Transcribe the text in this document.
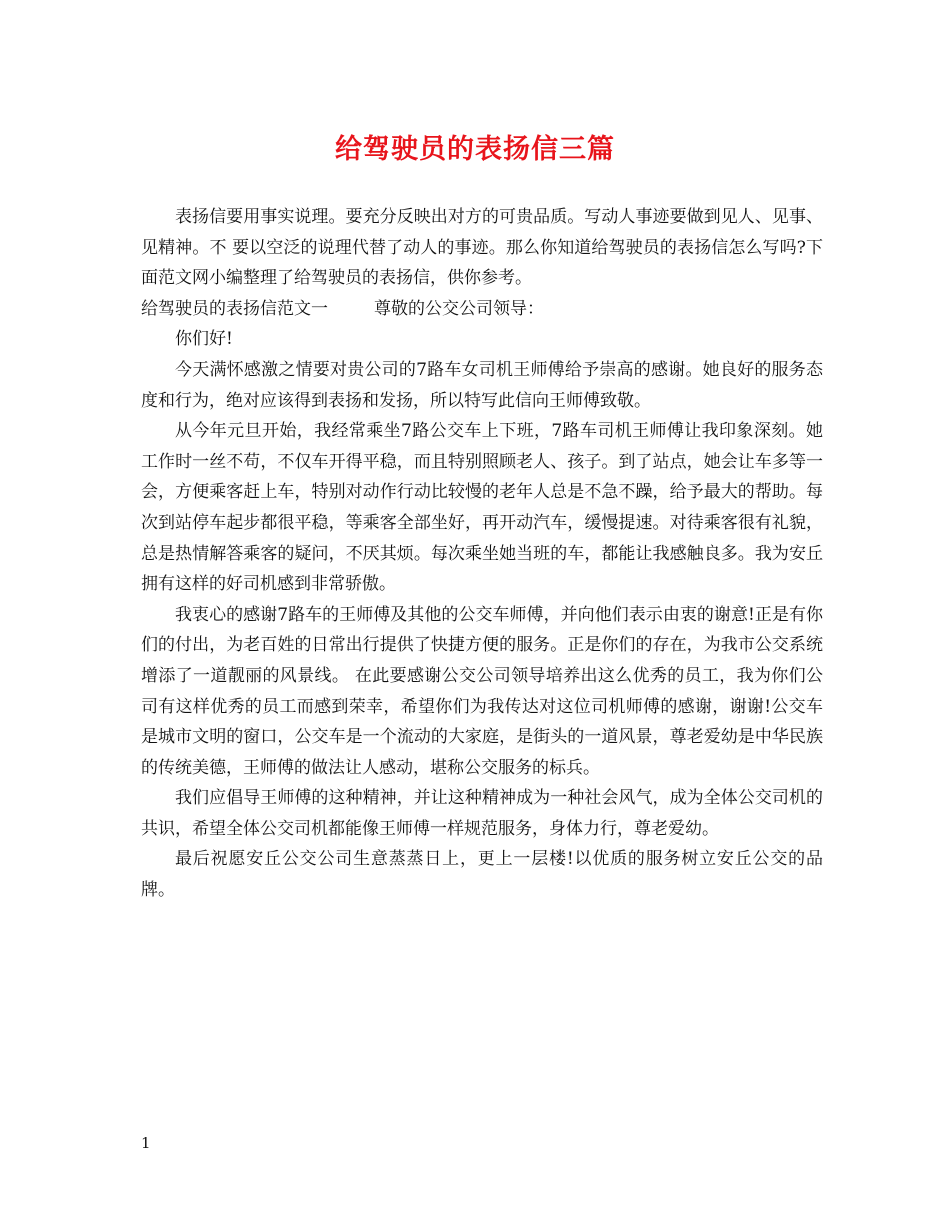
给驾驶员的表扬信三篇

表扬信要用事实说理。要充分反映出对方的可贵品质。写动人事迹要做到见人、见事、见精神。不 要以空泛的说理代替了动人的事迹。那么你知道给驾驶员的表扬信怎么写吗?下面范文网小编整理了给驾驶员的表扬信，供你参考。

给驾驶员的表扬信范文一	尊敬的公交公司领导：

你们好!

今天满怀感激之情要对贵公司的7路车女司机王师傅给予崇高的感谢。她良好的服务态度和行为，绝对应该得到表扬和发扬，所以特写此信向王师傅致敬。

从今年元旦开始，我经常乘坐7路公交车上下班，7路车司机王师傅让我印象深刻。她工作时一丝不苟，不仅车开得平稳，而且特别照顾老人、孩子。到了站点，她会让车多等一会，方便乘客赶上车，特别对动作行动比较慢的老年人总是不急不躁，给予最大的帮助。每次到站停车起步都很平稳，等乘客全部坐好，再开动汽车，缓慢提速。对待乘客很有礼貌，总是热情解答乘客的疑问，不厌其烦。每次乘坐她当班的车，都能让我感触良多。我为安丘拥有这样的好司机感到非常骄傲。

我衷心的感谢7路车的王师傅及其他的公交车师傅，并向他们表示由衷的谢意!正是有你们的付出，为老百姓的日常出行提供了快捷方便的服务。正是你们的存在，为我市公交系统增添了一道靓丽的风景线。 在此要感谢公交公司领导培养出这么优秀的员工，我为你们公司有这样优秀的员工而感到荣幸，希望你们为我传达对这位司机师傅的感谢，谢谢!公交车是城市文明的窗口，公交车是一个流动的大家庭，是街头的一道风景，尊老爱幼是中华民族的传统美德，王师傅的做法让人感动，堪称公交服务的标兵。

我们应倡导王师傅的这种精神，并让这种精神成为一种社会风气，成为全体公交司机的共识，希望全体公交司机都能像王师傅一样规范服务，身体力行，尊老爱幼。

最后祝愿安丘公交公司生意蒸蒸日上，更上一层楼!以优质的服务树立安丘公交的品牌。

1
